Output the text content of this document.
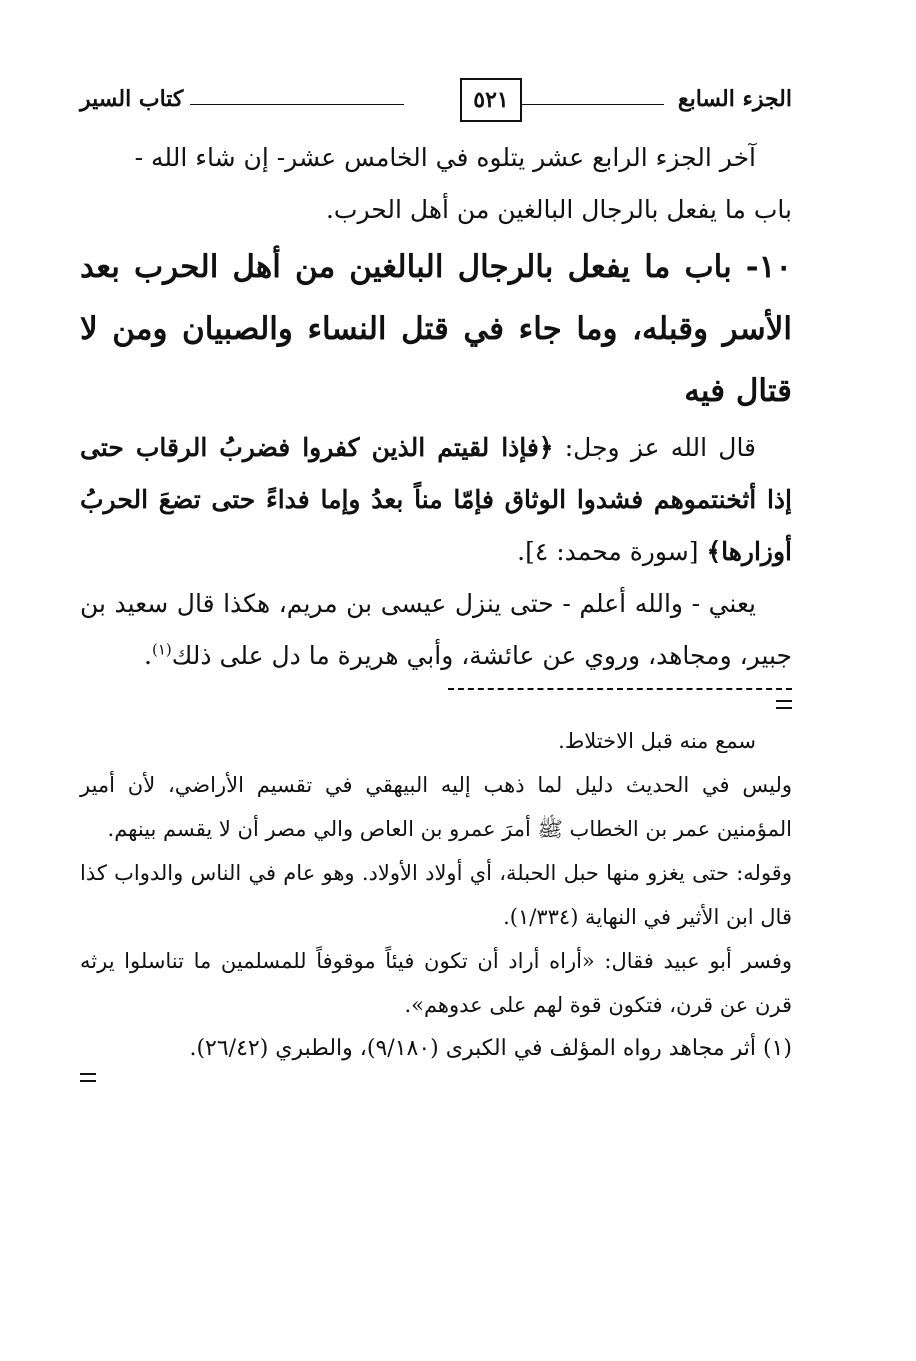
الجزء السابع
٥٢١
كتاب السير

آخر الجزء الرابع عشر يتلوه في الخامس عشر- إن شاء الله -

باب ما يفعل بالرجال البالغين من أهل الحرب.

١٠- باب ما يفعل بالرجال البالغين من أهل الحرب بعد الأسر وقبله، وما جاء في قتل النساء والصبيان ومن لا قتال فيه

قال الله عز وجل: ﴿فإذا لقيتم الذين كفروا فضربُ الرقاب حتى إذا أثخنتموهم فشدوا الوثاق فإمّا مناً بعدُ وإما فداءً حتى تضعَ الحربُ أوزارها﴾ [سورة محمد: ٤].

يعني - والله أعلم - حتى ينزل عيسى بن مريم، هكذا قال سعيد بن جبير، ومجاهد، وروي عن عائشة، وأبي هريرة ما دل على ذلك$^{(١)}$.

سمع منه قبل الاختلاط.

وليس في الحديث دليل لما ذهب إليه البيهقي في تقسيم الأراضي، لأن أمير المؤمنين عمر بن الخطاب ﷺ أمرَ عمرو بن العاص والي مصر أن لا يقسم بينهم.

وقوله: حتى يغزو منها حبل الحبلة، أي أولاد الأولاد. وهو عام في الناس والدواب كذا قال ابن الأثير في النهاية (١/٣٣٤).

وفسر أبو عبيد فقال: «أراه أراد أن تكون فيئاً موقوفاً للمسلمين ما تناسلوا يرثه قرن عن قرن، فتكون قوة لهم على عدوهم».

(١) أثر مجاهد رواه المؤلف في الكبرى (٩/١٨٠)، والطبري (٢٦/٤٢).
